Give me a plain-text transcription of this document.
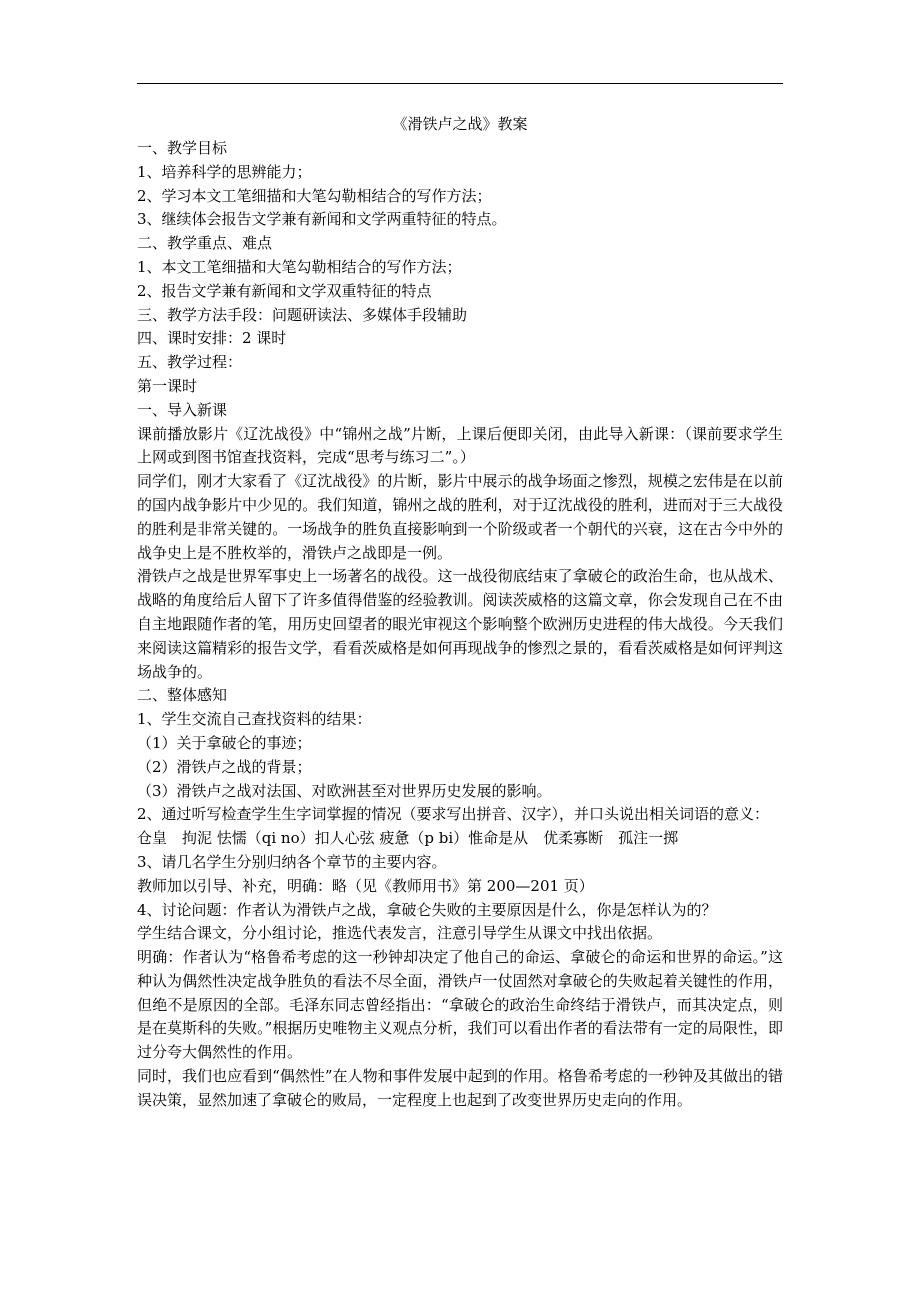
《滑铁卢之战》教案
一、教学目标
1、培养科学的思辨能力；
2、学习本文工笔细描和大笔勾勒相结合的写作方法；
3、继续体会报告文学兼有新闻和文学两重特征的特点。
二、教学重点、难点
1、本文工笔细描和大笔勾勒相结合的写作方法；
2、报告文学兼有新闻和文学双重特征的特点
三、教学方法手段：问题研读法、多媒体手段辅助
四、课时安排：2 课时
五、教学过程：
第一课时
一、导入新课
课前播放影片《辽沈战役》中“锦州之战”片断，上课后便即关闭，由此导入新课：（课前要求学生上网或到图书馆查找资料，完成“思考与练习二”。）
同学们，刚才大家看了《辽沈战役》的片断，影片中展示的战争场面之惨烈，规模之宏伟是在以前的国内战争影片中少见的。我们知道，锦州之战的胜利，对于辽沈战役的胜利，进而对于三大战役的胜利是非常关键的。一场战争的胜负直接影响到一个阶级或者一个朝代的兴衰，这在古今中外的战争史上是不胜枚举的，滑铁卢之战即是一例。
滑铁卢之战是世界军事史上一场著名的战役。这一战役彻底结束了拿破仑的政治生命，也从战术、战略的角度给后人留下了许多值得借鉴的经验教训。阅读茨威格的这篇文章，你会发现自己在不由自主地跟随作者的笔，用历史回望者的眼光审视这个影响整个欧洲历史进程的伟大战役。今天我们来阅读这篇精彩的报告文学，看看茨威格是如何再现战争的惨烈之景的，看看茨威格是如何评判这场战争的。
二、整体感知
1、学生交流自己查找资料的结果：
（1）关于拿破仑的事迹；
（2）滑铁卢之战的背景；
（3）滑铁卢之战对法国、对欧洲甚至对世界历史发展的影响。
2、通过听写检查学生生字词掌握的情况（要求写出拼音、汉字），并口头说出相关词语的意义：
仓皇　拘泥 怯懦（qi no）扣人心弦 疲惫（p bi）惟命是从　优柔寡断　孤注一掷
3、请几名学生分别归纳各个章节的主要内容。
教师加以引导、补充，明确：略（见《教师用书》第 200—201 页）
4、讨论问题：作者认为滑铁卢之战，拿破仑失败的主要原因是什么，你是怎样认为的？
学生结合课文，分小组讨论，推选代表发言，注意引导学生从课文中找出依据。
明确：作者认为“格鲁希考虑的这一秒钟却决定了他自己的命运、拿破仑的命运和世界的命运。”这种认为偶然性决定战争胜负的看法不尽全面，滑铁卢一仗固然对拿破仑的失败起着关键性的作用，但绝不是原因的全部。毛泽东同志曾经指出：“拿破仑的政治生命终结于滑铁卢，而其决定点，则是在莫斯科的失败。”根据历史唯物主义观点分析，我们可以看出作者的看法带有一定的局限性，即过分夸大偶然性的作用。
同时，我们也应看到“偶然性”在人物和事件发展中起到的作用。格鲁希考虑的一秒钟及其做出的错误决策，显然加速了拿破仑的败局，一定程度上也起到了改变世界历史走向的作用。
